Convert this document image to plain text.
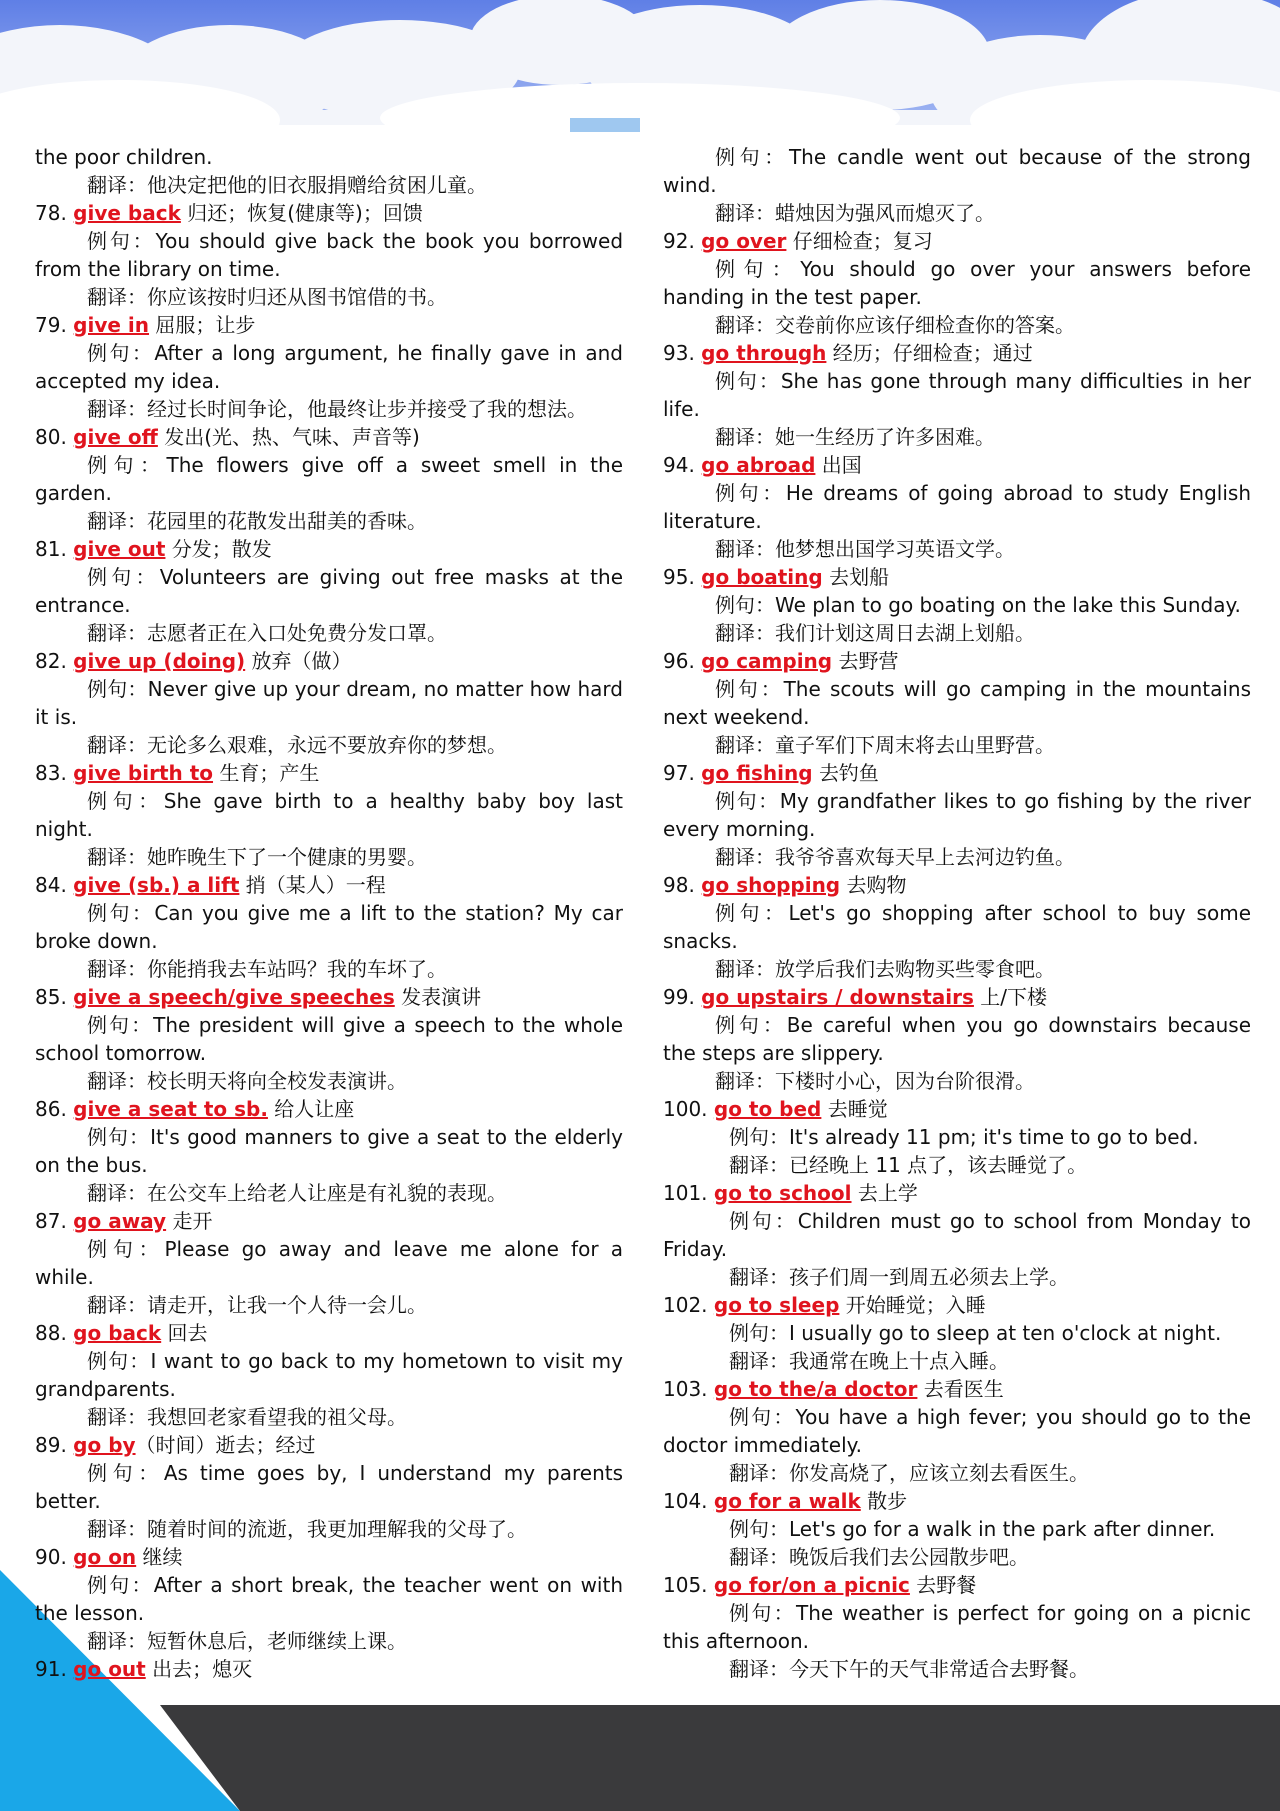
the poor children.
翻译：他决定把他的旧衣服捐赠给贫困儿童。
78. give back 归还；恢复(健康等)；回馈
例句：You should give back the book you borrowed from the library on time.
翻译：你应该按时归还从图书馆借的书。
79. give in 屈服；让步
例句：After a long argument, he finally gave in and accepted my idea.
翻译：经过长时间争论，他最终让步并接受了我的想法。
80. give off 发出(光、热、气味、声音等)
例句：The flowers give off a sweet smell in the garden.
翻译：花园里的花散发出甜美的香味。
81. give out 分发；散发
例句：Volunteers are giving out free masks at the entrance.
翻译：志愿者正在入口处免费分发口罩。
82. give up (doing) 放弃（做）
例句：Never give up your dream, no matter how hard it is.
翻译：无论多么艰难，永远不要放弃你的梦想。
83. give birth to 生育；产生
例句：She gave birth to a healthy baby boy last night.
翻译：她昨晚生下了一个健康的男婴。
84. give (sb.) a lift 捎（某人）一程
例句：Can you give me a lift to the station? My car broke down.
翻译：你能捎我去车站吗？我的车坏了。
85. give a speech/give speeches 发表演讲
例句：The president will give a speech to the whole school tomorrow.
翻译：校长明天将向全校发表演讲。
86. give a seat to sb. 给人让座
例句：It's good manners to give a seat to the elderly on the bus.
翻译：在公交车上给老人让座是有礼貌的表现。
87. go away 走开
例句：Please go away and leave me alone for a while.
翻译：请走开，让我一个人待一会儿。
88. go back 回去
例句：I want to go back to my hometown to visit my grandparents.
翻译：我想回老家看望我的祖父母。
89. go by（时间）逝去；经过
例句：As time goes by, I understand my parents better.
翻译：随着时间的流逝，我更加理解我的父母了。
90. go on 继续
例句：After a short break, the teacher went on with the lesson.
翻译：短暂休息后，老师继续上课。
91. go out 出去；熄灭
例句：The candle went out because of the strong wind.
翻译：蜡烛因为强风而熄灭了。
92. go over 仔细检查；复习
例句：You should go over your answers before handing in the test paper.
翻译：交卷前你应该仔细检查你的答案。
93. go through 经历；仔细检查；通过
例句：She has gone through many difficulties in her life.
翻译：她一生经历了许多困难。
94. go abroad 出国
例句：He dreams of going abroad to study English literature.
翻译：他梦想出国学习英语文学。
95. go boating 去划船
例句：We plan to go boating on the lake this Sunday.
翻译：我们计划这周日去湖上划船。
96. go camping 去野营
例句：The scouts will go camping in the mountains next weekend.
翻译：童子军们下周末将去山里野营。
97. go fishing 去钓鱼
例句：My grandfather likes to go fishing by the river every morning.
翻译：我爷爷喜欢每天早上去河边钓鱼。
98. go shopping 去购物
例句：Let's go shopping after school to buy some snacks.
翻译：放学后我们去购物买些零食吧。
99. go upstairs / downstairs 上/下楼
例句：Be careful when you go downstairs because the steps are slippery.
翻译：下楼时小心，因为台阶很滑。
100. go to bed 去睡觉
例句：It's already 11 pm; it's time to go to bed.
翻译：已经晚上 11 点了，该去睡觉了。
101. go to school 去上学
例句：Children must go to school from Monday to Friday.
翻译：孩子们周一到周五必须去上学。
102. go to sleep 开始睡觉；入睡
例句：I usually go to sleep at ten o'clock at night.
翻译：我通常在晚上十点入睡。
103. go to the/a doctor 去看医生
例句：You have a high fever; you should go to the doctor immediately.
翻译：你发高烧了，应该立刻去看医生。
104. go for a walk 散步
例句：Let's go for a walk in the park after dinner.
翻译：晚饭后我们去公园散步吧。
105. go for/on a picnic 去野餐
例句：The weather is perfect for going on a picnic this afternoon.
翻译：今天下午的天气非常适合去野餐。
